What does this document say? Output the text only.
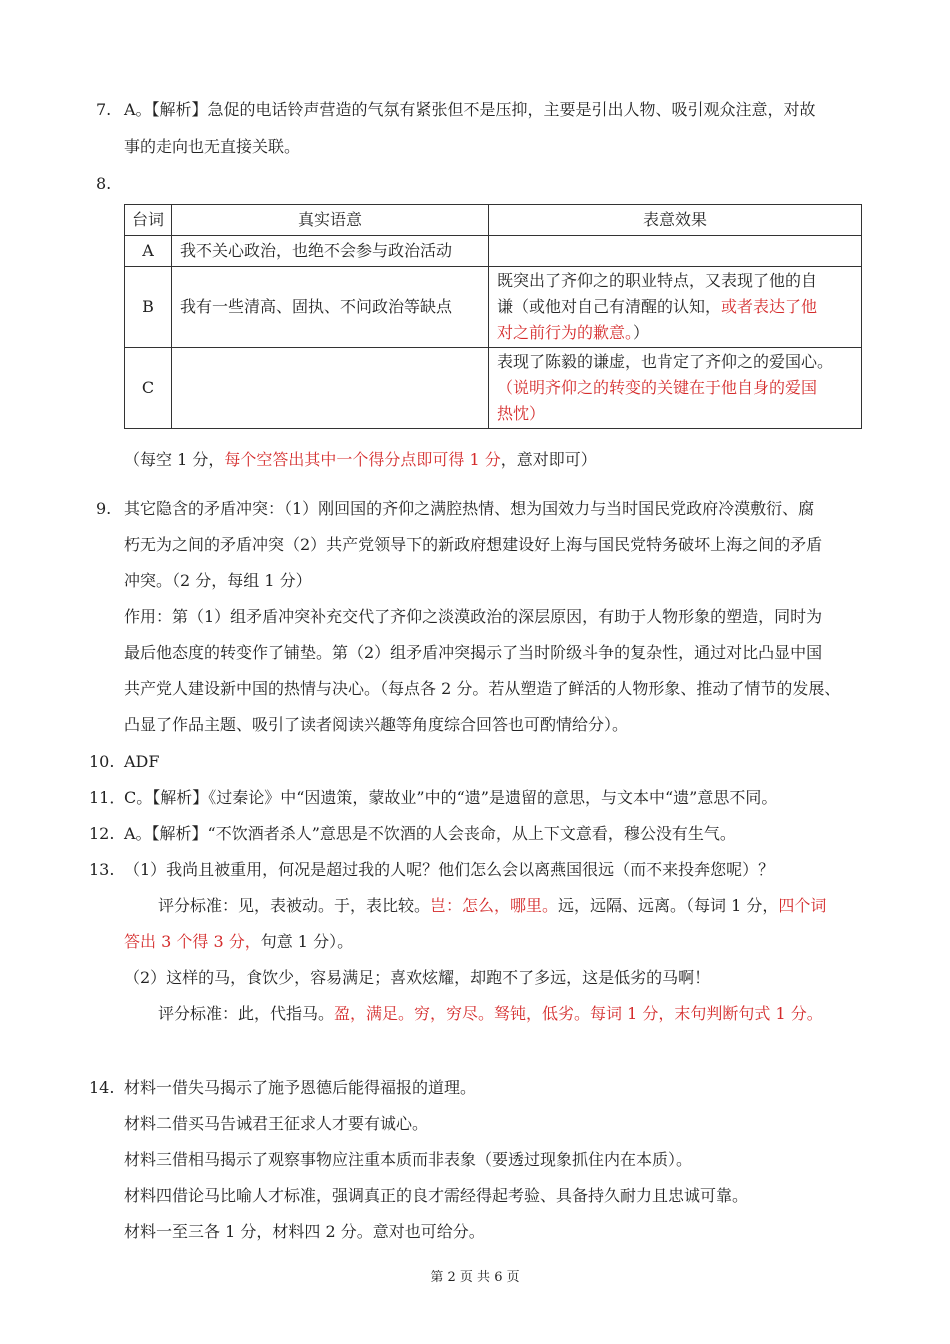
7. A。【解析】急促的电话铃声营造的气氛有紧张但不是压抑，主要是引出人物、吸引观众注意，对故
事的走向也无直接关联。
8.
台词	真实语意	表意效果
A	我不关心政治，也绝不会参与政治活动	
B	我有一些清高、固执、不问政治等缺点	既突出了齐仰之的职业特点，又表现了他的自
谦（或他对自己有清醒的认知，或者表达了他
对之前行为的歉意。）

C		表现了陈毅的谦虚，也肯定了齐仰之的爱国心。
（说明齐仰之的转变的关键在于他自身的爱国
热忱）
（每空 1 分，每个空答出其中一个得分点即可得 1 分，意对即可）
9. 其它隐含的矛盾冲突：（1）刚回国的齐仰之满腔热情、想为国效力与当时国民党政府冷漠敷衍、腐
朽无为之间的矛盾冲突（2）共产党领导下的新政府想建设好上海与国民党特务破坏上海之间的矛盾
冲突。（2 分，每组 1 分）
作用：第（1）组矛盾冲突补充交代了齐仰之淡漠政治的深层原因，有助于人物形象的塑造，同时为
最后他态度的转变作了铺垫。第（2）组矛盾冲突揭示了当时阶级斗争的复杂性，通过对比凸显中国
共产党人建设新中国的热情与决心。（每点各 2 分。若从塑造了鲜活的人物形象、推动了情节的发展、
凸显了作品主题、吸引了读者阅读兴趣等角度综合回答也可酌情给分）。
10. ADF
11．
C。【解析】《过秦论》中“因遗策，蒙故业”中的“遗”是遗留的意思，与文本中“遗”意思不同。
12. A。【解析】“不饮酒者杀人”意思是不饮酒的人会丧命，从上下文意看，穆公没有生气。
13. （1）我尚且被重用，何况是超过我的人呢？他们怎么会以离燕国很远（而不来投奔您呢）？
评分标准：见，表被动。于，表比较。岂：怎么，哪里。远，远隔、远离。（每词 1 分，四个词
答出 3 个得 3 分，句意 1 分）。
（2）这样的马，食饮少，容易满足；喜欢炫耀，却跑不了多远，这是低劣的马啊！
评分标准：此，代指马。盈，满足。穷，穷尽。驽钝，低劣。每词 1 分，末句判断句式 1 分。
14. 材料一借失马揭示了施予恩德后能得福报的道理。
材料二借买马告诫君王征求人才要有诚心。
材料三借相马揭示了观察事物应注重本质而非表象（要透过现象抓住内在本质）。
材料四借论马比喻人才标准，强调真正的良才需经得起考验、具备持久耐力且忠诚可靠。
材料一至三各 1 分，材料四 2 分。意对也可给分。
第 2 页 共 6 页
